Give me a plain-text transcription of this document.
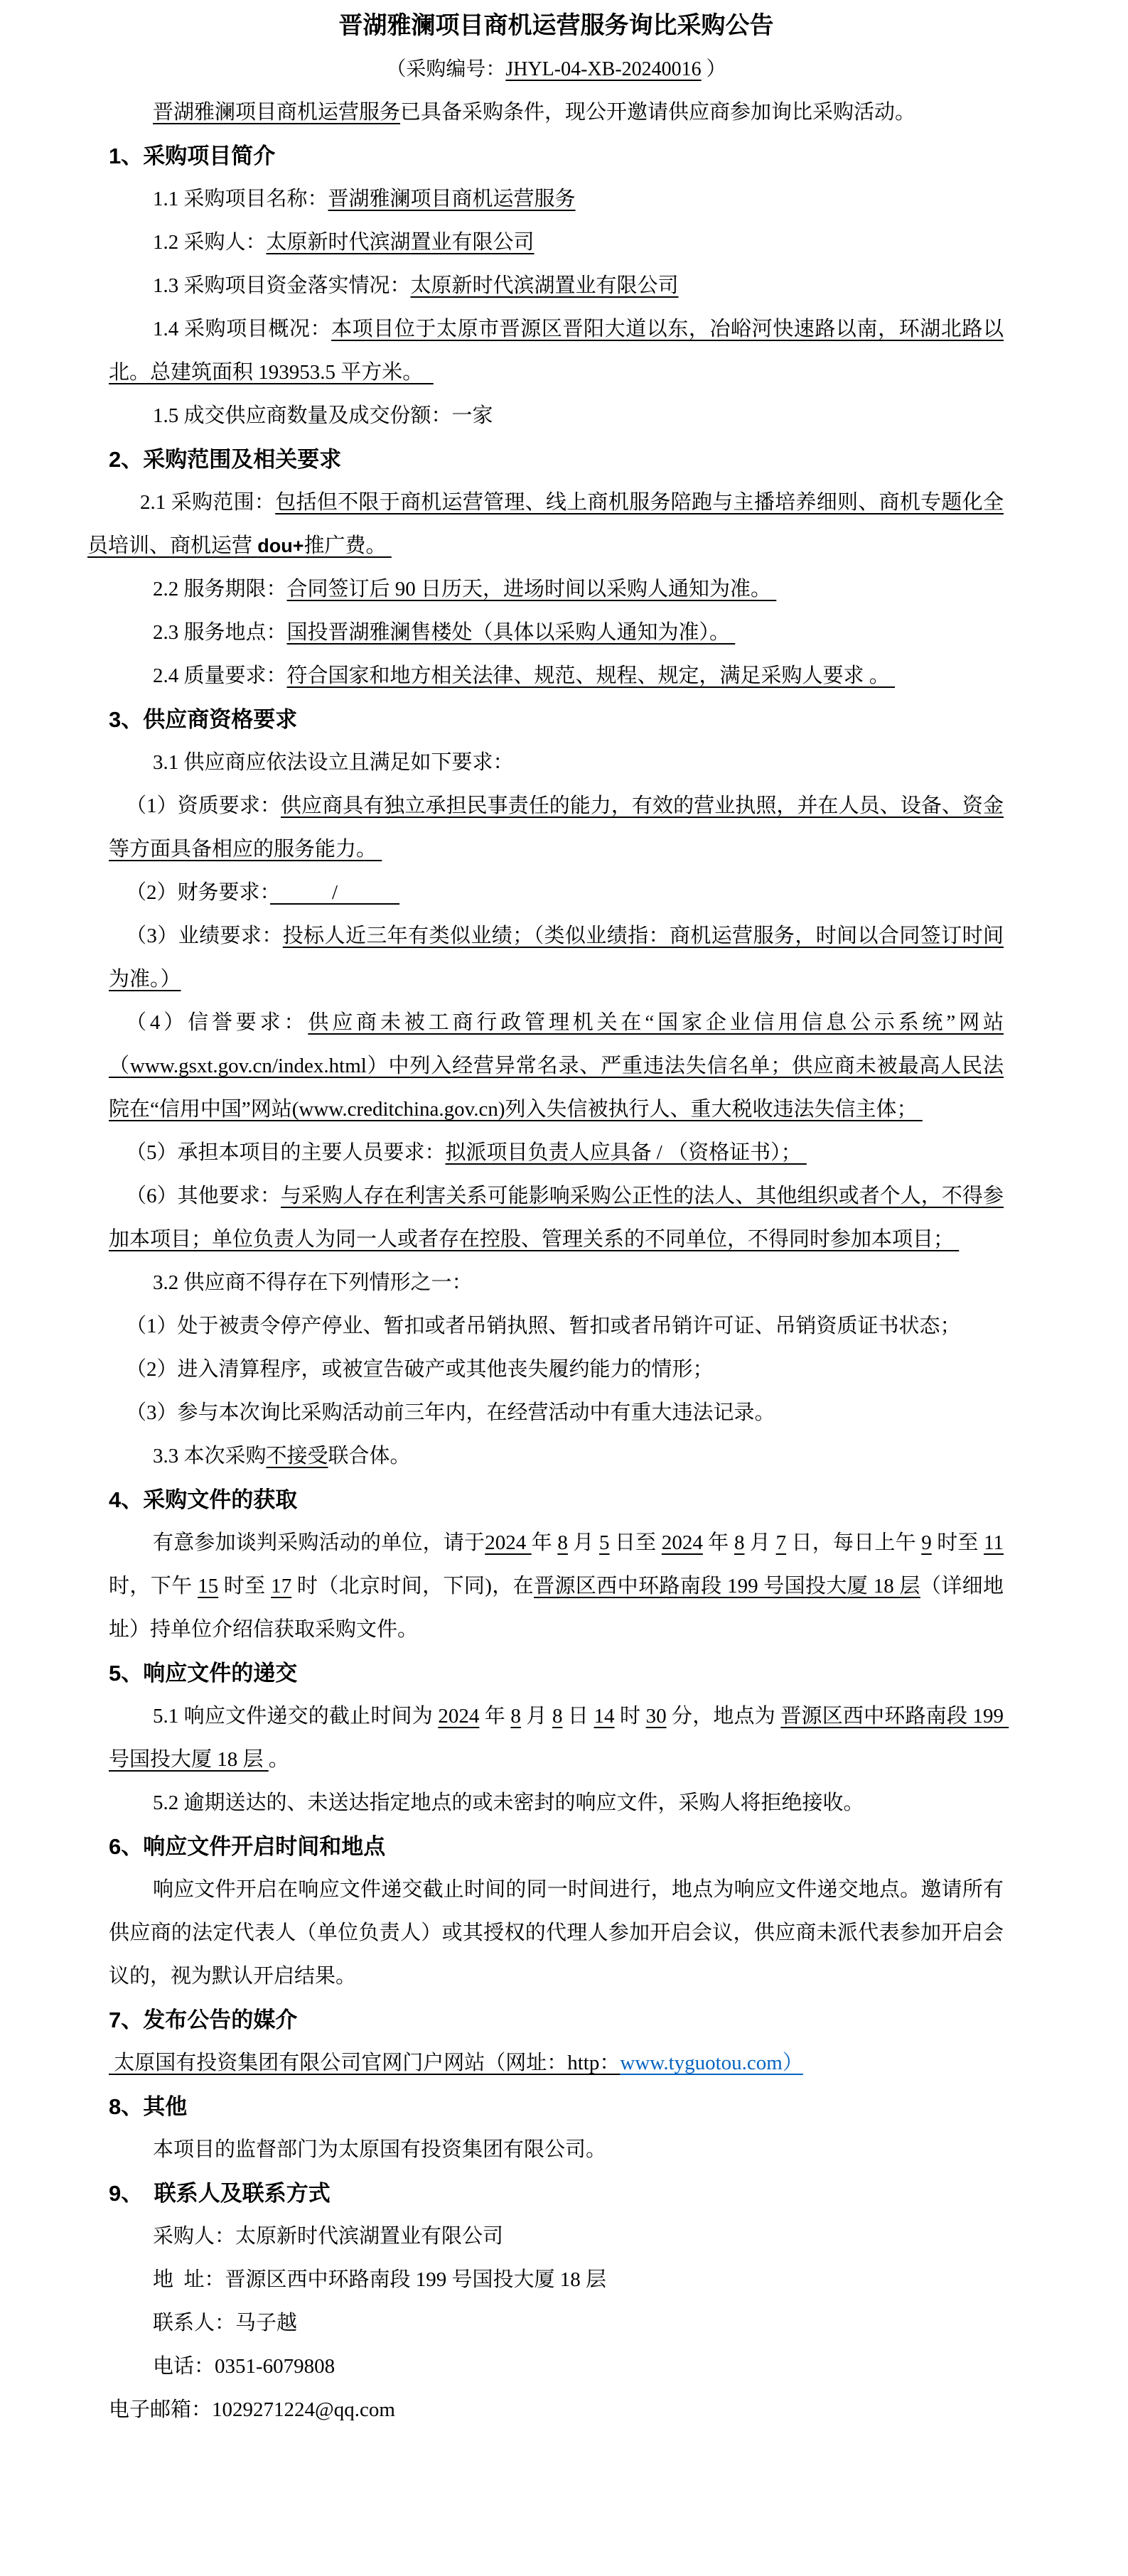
晋湖雅澜项目商机运营服务询比采购公告

（采购编号：JHYL-04-XB-20240016 ）

晋湖雅澜项目商机运营服务已具备采购条件，现公开邀请供应商参加询比采购活动。

1、采购项目简介

1.1 采购项目名称：晋湖雅澜项目商机运营服务

1.2 采购人：太原新时代滨湖置业有限公司

1.3 采购项目资金落实情况：太原新时代滨湖置业有限公司

1.4 采购项目概况：本项目位于太原市晋源区晋阳大道以东，冶峪河快速路以南，环湖北路以北。总建筑面积 193953.5 平方米。　

1.5 成交供应商数量及成交份额：一家

2、采购范围及相关要求

2.1 采购范围：包括但不限于商机运营管理、线上商机服务陪跑与主播培养细则、商机专题化全员培训、商机运营 dou+推广费。

2.2 服务期限：合同签订后 90 日历天，进场时间以采购人通知为准。

2.3 服务地点：国投晋湖雅澜售楼处（具体以采购人通知为准）。

2.4 质量要求：符合国家和地方相关法律、规范、规程、规定，满足采购人要求 。

3、供应商资格要求

3.1 供应商应依法设立且满足如下要求：

（1）资质要求：供应商具有独立承担民事责任的能力，有效的营业执照，并在人员、设备、资金等方面具备相应的服务能力。

（2）财务要求：　　　/　　　

（3）业绩要求：投标人近三年有类似业绩；（类似业绩指：商机运营服务，时间以合同签订时间为准。）

（4）信誉要求：供应商未被工商行政管理机关在“国家企业信用信息公示系统”网站（www.gsxt.gov.cn/index.html）中列入经营异常名录、严重违法失信名单；供应商未被最高人民法院在“信用中国”网站(www.creditchina.gov.cn)列入失信被执行人、重大税收违法失信主体；

（5）承担本项目的主要人员要求：拟派项目负责人应具备 / （资格证书）；

（6）其他要求：与采购人存在利害关系可能影响采购公正性的法人、其他组织或者个人，不得参加本项目；单位负责人为同一人或者存在控股、管理关系的不同单位，不得同时参加本项目；

3.2 供应商不得存在下列情形之一：

（1）处于被责令停产停业、暂扣或者吊销执照、暂扣或者吊销许可证、吊销资质证书状态；

（2）进入清算程序，或被宣告破产或其他丧失履约能力的情形；

（3）参与本次询比采购活动前三年内，在经营活动中有重大违法记录。

3.3 本次采购不接受联合体。

4、采购文件的获取

有意参加谈判采购活动的单位，请于2024 年 8 月 5 日至 2024 年 8 月 7 日，每日上午 9 时至 11 时，下午 15 时至 17 时（北京时间，下同)，在晋源区西中环路南段 199 号国投大厦 18 层（详细地址）持单位介绍信获取采购文件。

5、响应文件的递交

5.1 响应文件递交的截止时间为 2024 年 8 月 8 日 14 时 30 分，地点为 晋源区西中环路南段 199 号国投大厦 18 层 。

5.2 逾期送达的、未送达指定地点的或未密封的响应文件，采购人将拒绝接收。

6、响应文件开启时间和地点

响应文件开启在响应文件递交截止时间的同一时间进行，地点为响应文件递交地点。邀请所有供应商的法定代表人（单位负责人）或其授权的代理人参加开启会议，供应商未派代表参加开启会议的，视为默认开启结果。

7、发布公告的媒介

太原国有投资集团有限公司官网门户网站（网址：http：www.tyguotou.com）

8、其他

本项目的监督部门为太原国有投资集团有限公司。

9、　联系人及联系方式

采购人：太原新时代滨湖置业有限公司

地  址：晋源区西中环路南段 199 号国投大厦 18 层

联系人：马子越

电话：0351-6079808

电子邮箱：1029271224@qq.com
